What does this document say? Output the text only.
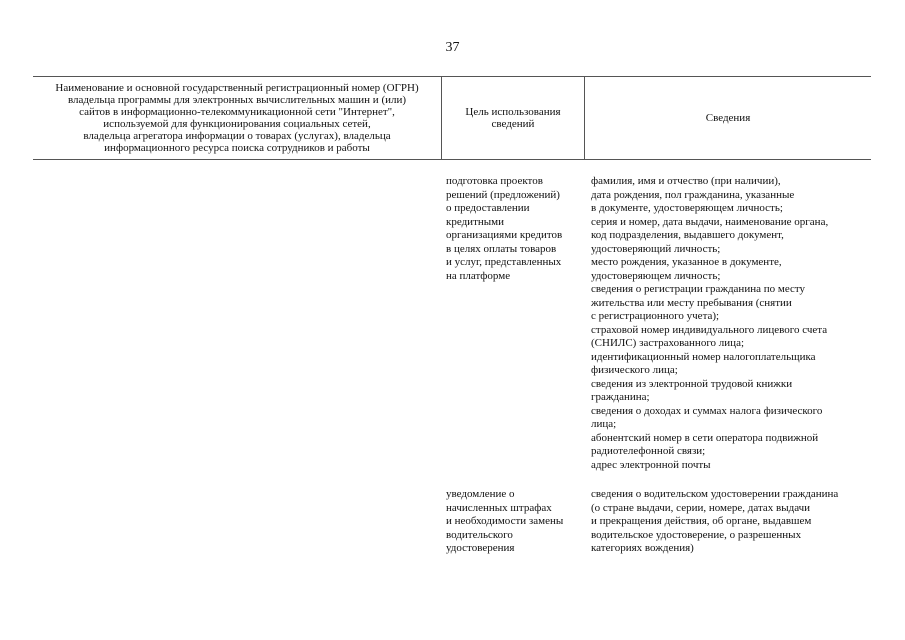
37
Наименование и основной государственный регистрационный номер (ОГРН)
владельца программы для электронных вычислительных машин и (или)
сайтов в информационно-телекоммуникационной сети "Интернет",
используемой для функционирования социальных сетей,
владельца агрегатора информации о товарах (услугах), владельца
информационного ресурса поиска сотрудников и работы
Цель использования
сведений	Сведения
подготовка проектов
решений (предложений)
о предоставлении
кредитными
организациями кредитов
в целях оплаты товаров
и услуг, представленных
на платформе
фамилия, имя и отчество (при наличии),
дата рождения, пол гражданина, указанные
в документе, удостоверяющем личность;
серия и номер, дата выдачи, наименование органа,
код подразделения, выдавшего документ,
удостоверяющий личность;
место рождения, указанное в документе,
удостоверяющем личность;
сведения о регистрации гражданина по месту
жительства или месту пребывания (снятии
с регистрационного учета);
страховой номер индивидуального лицевого счета
(СНИЛС) застрахованного лица;
идентификационный номер налогоплательщика
физического лица;
сведения из электронной трудовой книжки
гражданина;
сведения о доходах и суммах налога физического
лица;
абонентский номер в сети оператора подвижной
радиотелефонной связи;
адрес электронной почты
уведомление о
начисленных штрафах
и необходимости замены
водительского
удостоверения
сведения о водительском удостоверении гражданина
(о стране выдачи, серии, номере, датах выдачи
и прекращения действия, об органе, выдавшем
водительское удостоверение, о разрешенных
категориях вождения)
